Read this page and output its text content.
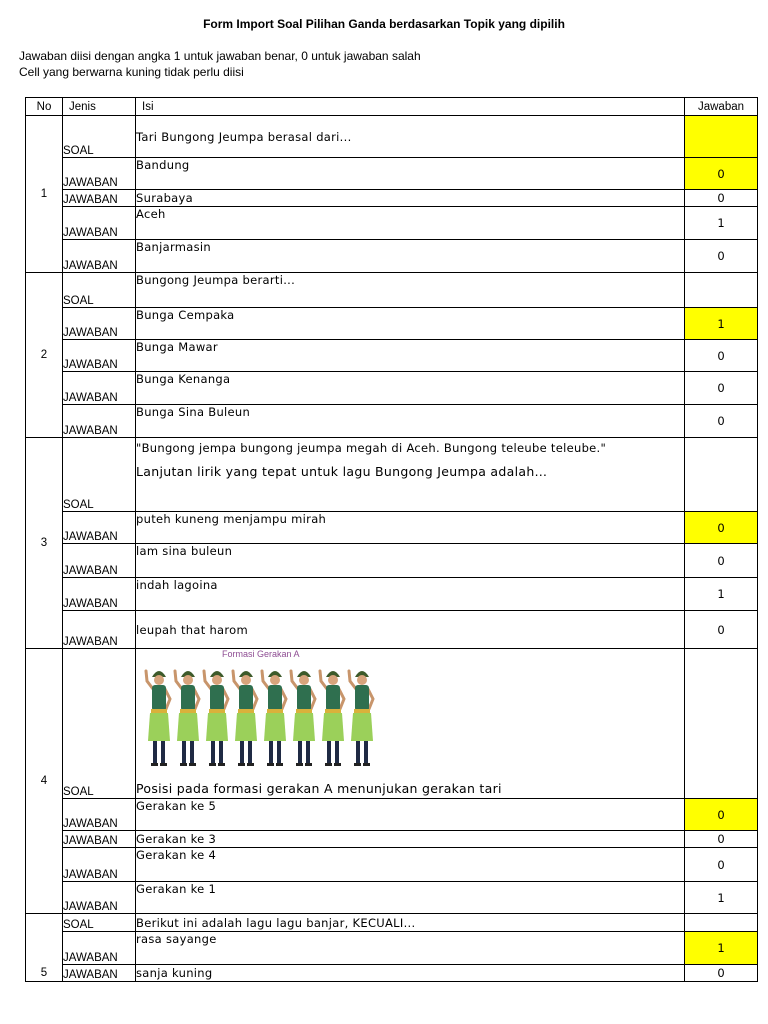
Form Import Soal Pilihan Ganda berdasarkan Topik yang dipilih
Jawaban diisi dengan angka 1 untuk jawaban benar, 0 untuk jawaban salah
Cell yang berwarna kuning tidak perlu diisi
No	Jenis	Isi	Jawaban
1	SOAL	Tari Bungong Jeumpa berasal dari...	
	JAWABAN	Bandung	0
	JAWABAN	Surabaya	0
	JAWABAN	Aceh	1
	JAWABAN	Banjarmasin	0
2	SOAL	Bungong Jeumpa berarti...	
	JAWABAN	Bunga Cempaka	1
	JAWABAN	Bunga Mawar	0
	JAWABAN	Bunga Kenanga	0
	JAWABAN	Bunga Sina Buleun	0
3	SOAL	"Bungong jempa bungong jeumpa megah di Aceh. Bungong teleube teleube."
Lanjutan lirik yang tepat untuk lagu Bungong Jeumpa adalah…	

	JAWABAN	puteh kuneng menjampu mirah	0
	JAWABAN	lam sina buleun	0
	JAWABAN	indah lagoina	1
	JAWABAN	leupah that harom	0
4	SOAL	Formasi Gerakan A
Posisi pada formasi gerakan A menunjukan gerakan tari	

	JAWABAN	Gerakan ke 5	0
	JAWABAN	Gerakan ke 3	0
	JAWABAN	Gerakan ke 4	0
	JAWABAN	Gerakan ke 1	1
5	SOAL	Berikut ini adalah lagu lagu banjar, KECUALI...	
	JAWABAN	rasa sayange	1
	JAWABAN	sanja kuning	0
